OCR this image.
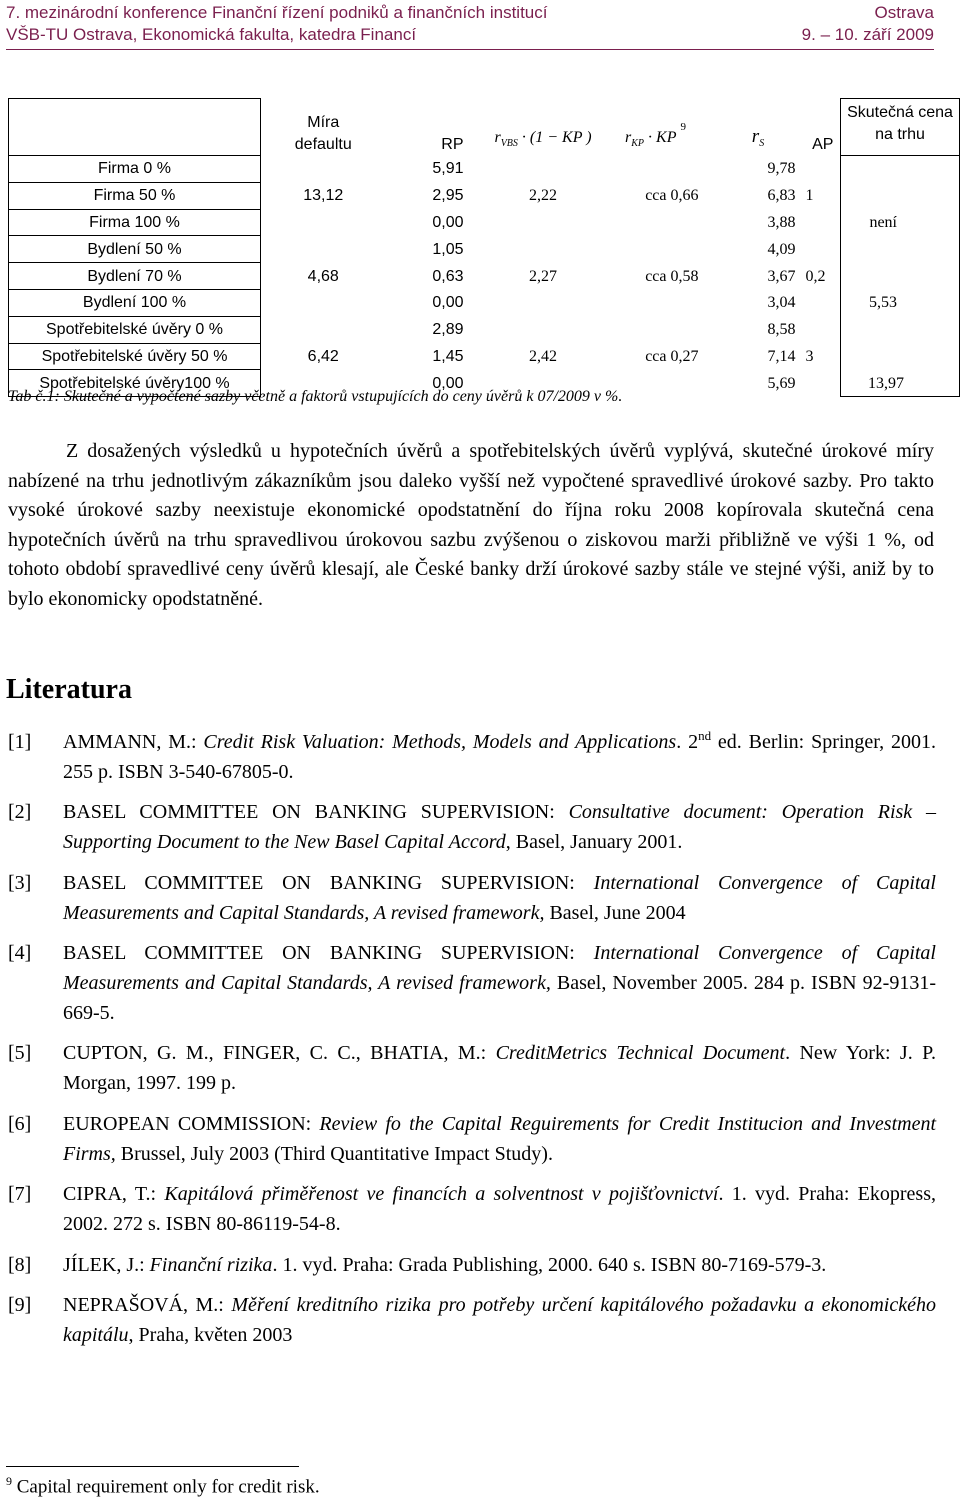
7. mezinárodní konference Finanční řízení podniků a finančních institucí	Ostrava
VŠB-TU Ostrava, Ekonomická fakulta, katedra Financí	9. – 10. září 2009
	Míra
defaultu	RP	$r_{VBS} \cdot (1$ − KP )	$r_{KP} \cdot KP^9$	$r_S$	AP	Skutečná cena
na trhu
Firma 0 %		5,91			9,78		
Firma 50 %	13,12	2,95	2,22	cca 0,66	6,83	1	
Firma 100 %		0,00			3,88		není
Bydlení 50 %		1,05			4,09		
Bydlení 70 %	4,68	0,63	2,27	cca 0,58	3,67	0,2	
Bydlení 100 %		0,00			3,04		5,53
Spotřebitelské úvěry 0 %		2,89			8,58		
Spotřebitelské úvěry 50 %	6,42	1,45	2,42	cca 0,27	7,14	3	
Spotřebitelské úvěry100 %		0,00			5,69		13,97
Tab č.1: Skutečné a vypočtené sazby včetně a faktorů vstupujících do ceny úvěrů k 07/2009 v %.

Z dosažených výsledků u hypotečních úvěrů a spotřebitelských úvěrů vyplývá, skutečné úrokové míry nabízené na trhu jednotlivým zákazníkům jsou daleko vyšší než vypočtené spravedlivé úrokové sazby. Pro takto vysoké úrokové sazby neexistuje ekonomické opodstatnění do října roku 2008 kopírovala skutečná cena hypotečních úvěrů na trhu spravedlivou úrokovou sazbu zvýšenou o ziskovou marži přibližně ve výši 1 %, od tohoto období spravedlivé ceny úvěrů klesají, ale České banky drží úrokové sazby stále ve stejné výši, aniž by to bylo ekonomicky opodstatněné.

Literatura
[1] AMMANN, M.: Credit Risk Valuation: Methods, Models and Applications. 2nd ed. Berlin: Springer, 2001. 255 p. ISBN 3-540-67805-0.
[2] BASEL COMMITTEE ON BANKING SUPERVISION: Consultative document: Operation Risk – Supporting Document to the New Basel Capital Accord, Basel, January 2001.
[3] BASEL COMMITTEE ON BANKING SUPERVISION: International Convergence of Capital Measurements and Capital Standards, A revised framework, Basel, June 2004
[4] BASEL COMMITTEE ON BANKING SUPERVISION: International Convergence of Capital Measurements and Capital Standards, A revised framework, Basel, November 2005. 284 p. ISBN 92-9131-669-5.
[5] CUPTON, G. M., FINGER, C. C., BHATIA, M.: CreditMetrics Technical Document. New York: J. P. Morgan, 1997. 199 p.
[6] EUROPEAN COMMISSION: Review fo the Capital Reguirements for Credit Institucion and Investment Firms, Brussel, July 2003 (Third Quantitative Impact Study).
[7] CIPRA, T.: Kapitálová přiměřenost ve financích a solventnost v pojišťovnictví. 1. vyd. Praha: Ekopress, 2002. 272 s. ISBN 80-86119-54-8.
[8] JÍLEK, J.: Finanční rizika. 1. vyd. Praha: Grada Publishing, 2000. 640 s. ISBN 80-7169-579-3.
[9] NEPRAŠOVÁ, M.: Měření kreditního rizika pro potřeby určení kapitálového požadavku a ekonomického kapitálu, Praha, květen 2003
$^9$ Capital requirement only for credit risk.
